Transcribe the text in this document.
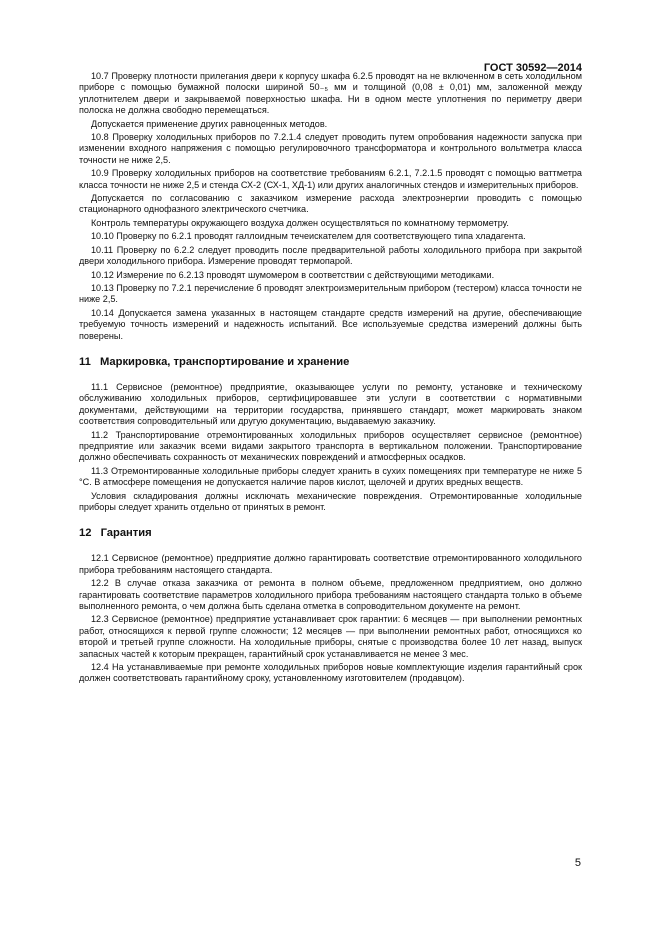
ГОСТ 30592—2014

10.7 Проверку плотности прилегания двери к корпусу шкафа 6.2.5 проводят на не включенном в сеть холодильном приборе с помощью бумажной полоски шириной 50₋₅ мм и толщиной (0,08 ± 0,01) мм, заложенной между уплотнителем двери и закрываемой поверхностью шкафа. Ни в одном месте уплотнения по периметру двери полоска не должна свободно перемещаться.

Допускается применение других равноценных методов.

10.8 Проверку холодильных приборов по 7.2.1.4 следует проводить путем опробования надежности запуска при изменении входного напряжения с помощью регулировочного трансформатора и контрольного вольтметра класса точности не ниже 2,5.

10.9 Проверку холодильных приборов на соответствие требованиям 6.2.1, 7.2.1.5 проводят с помощью ваттметра класса точности не ниже 2,5 и стенда СХ-2 (СХ-1, ХД-1) или других аналогичных стендов и измерительных приборов.

Допускается по согласованию с заказчиком измерение расхода электроэнергии проводить с помощью стационарного однофазного электрического счетчика.

Контроль температуры окружающего воздуха должен осуществляться по комнатному термометру.

10.10 Проверку по 6.2.1 проводят галлоидным течеискателем для соответствующего типа хладагента.

10.11 Проверку по 6.2.2 следует проводить после предварительной работы холодильного прибора при закрытой двери холодильного прибора. Измерение проводят термопарой.

10.12 Измерение по 6.2.13 проводят шумомером в соответствии с действующими методиками.

10.13 Проверку по 7.2.1 перечисление б проводят электроизмерительным прибором (тестером) класса точности не ниже 2,5.

10.14 Допускается замена указанных в настоящем стандарте средств измерений на другие, обеспечивающие требуемую точность измерений и надежность испытаний. Все используемые средства измерений должны быть поверены.

11 Маркировка, транспортирование и хранение

11.1 Сервисное (ремонтное) предприятие, оказывающее услуги по ремонту, установке и техническому обслуживанию холодильных приборов, сертифицировавшее эти услуги в соответствии с нормативными документами, действующими на территории государства, принявшего стандарт, может маркировать знаком соответствия сопроводительный или другую документацию, выдаваемую заказчику.

11.2 Транспортирование отремонтированных холодильных приборов осуществляет сервисное (ремонтное) предприятие или заказчик всеми видами закрытого транспорта в вертикальном положении. Транспортирование должно обеспечивать сохранность от механических повреждений и атмосферных осадков.

11.3 Отремонтированные холодильные приборы следует хранить в сухих помещениях при температуре не ниже 5 °С. В атмосфере помещения не допускается наличие паров кислот, щелочей и других вредных веществ.

Условия складирования должны исключать механические повреждения. Отремонтированные холодильные приборы следует хранить отдельно от принятых в ремонт.

12 Гарантия

12.1 Сервисное (ремонтное) предприятие должно гарантировать соответствие отремонтированного холодильного прибора требованиям настоящего стандарта.

12.2 В случае отказа заказчика от ремонта в полном объеме, предложенном предприятием, оно должно гарантировать соответствие параметров холодильного прибора требованиям настоящего стандарта только в объеме выполненного ремонта, о чем должна быть сделана отметка в сопроводительном документе на ремонт.

12.3 Сервисное (ремонтное) предприятие устанавливает срок гарантии: 6 месяцев — при выполнении ремонтных работ, относящихся к первой группе сложности; 12 месяцев — при выполнении ремонтных работ, относящихся ко второй и третьей группе сложности. На холодильные приборы, снятые с производства более 10 лет назад, выпуск запасных частей к которым прекращен, гарантийный срок устанавливается не менее 3 мес.

12.4 На устанавливаемые при ремонте холодильных приборов новые комплектующие изделия гарантийный срок должен соответствовать гарантийному сроку, установленному изготовителем (продавцом).

5
